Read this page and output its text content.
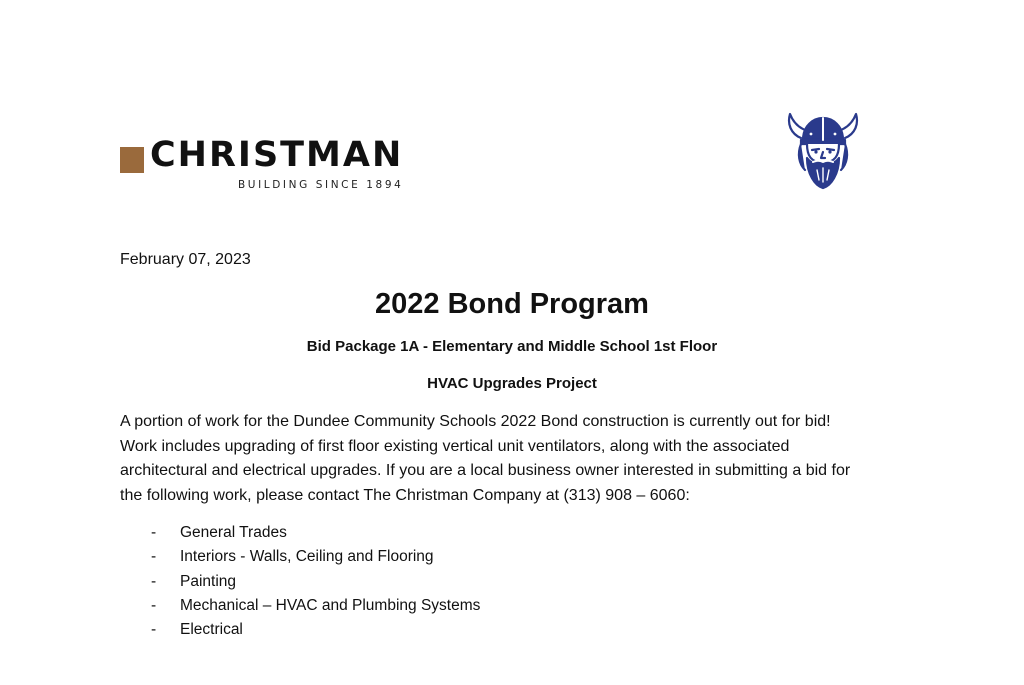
CHRISTMAN
BUILDING SINCE 1894
February 07, 2023
2022 Bond Program
Bid Package 1A - Elementary and Middle School 1st Floor
HVAC Upgrades Project

A portion of work for the Dundee Community Schools 2022 Bond construction is currently out for bid!
Work includes upgrading of first floor existing vertical unit ventilators, along with the associated
architectural and electrical upgrades. If you are a local business owner interested in submitting a bid for
the following work, please contact The Christman Company at (313) 908 – 6060:

- General Trades
- Interiors - Walls, Ceiling and Flooring
- Painting
- Mechanical – HVAC and Plumbing Systems
- Electrical
